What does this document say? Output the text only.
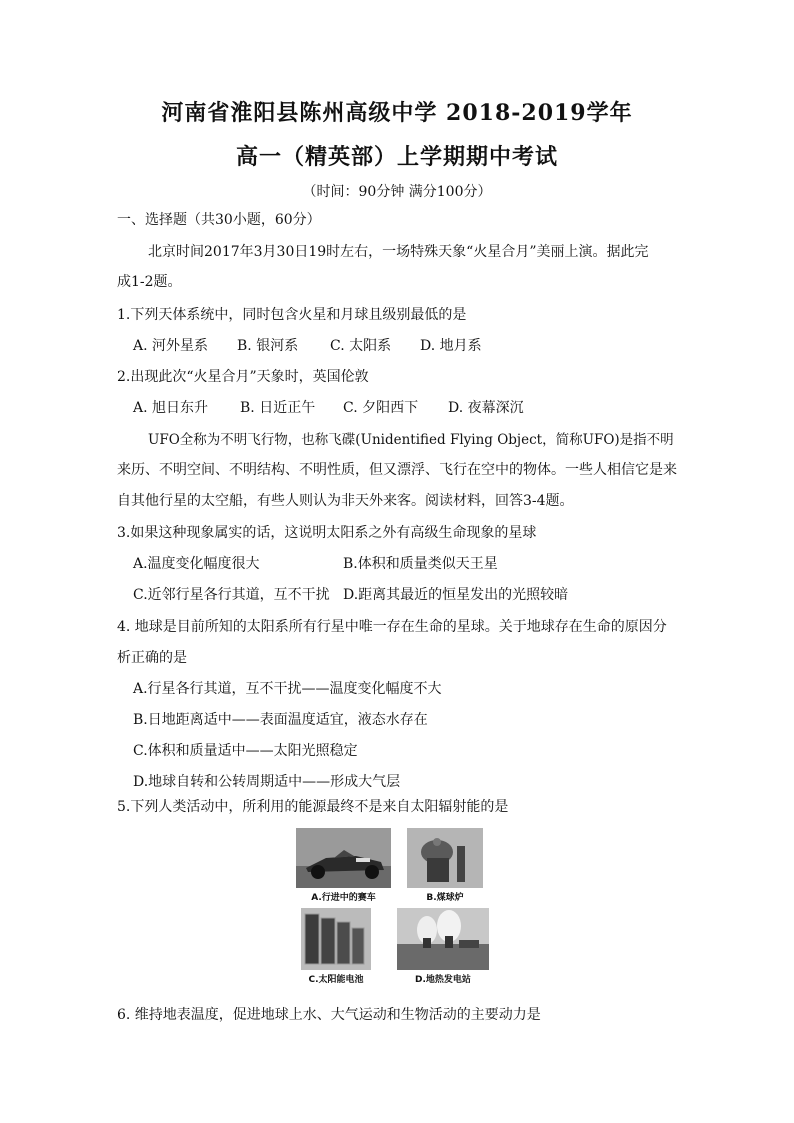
河南省淮阳县陈州高级中学 2018-2019学年
高一（精英部）上学期期中考试
（时间：90分钟 满分100分）
一、选择题（共30小题，60分）
北京时间2017年3月30日19时左右，一场特殊天象“火星合月”美丽上演。据此完
成1-2题。
1.下列天体系统中，同时包含火星和月球且级别最低的是
A. 河外星系 B. 银河系 C. 太阳系 D. 地月系
2.出现此次“火星合月”天象时，英国伦敦
A. 旭日东升 B. 日近正午 C. 夕阳西下 D. 夜幕深沉
UFO全称为不明飞行物，也称飞碟(Unidentified Flying Object，简称UFO)是指不明
来历、不明空间、不明结构、不明性质，但又漂浮、飞行在空中的物体。一些人相信它是来
自其他行星的太空船，有些人则认为非天外来客。阅读材料，回答3-4题。
3.如果这种现象属实的话，这说明太阳系之外有高级生命现象的星球
A.温度变化幅度很大	B.体积和质量类似天王星
C.近邻行星各行其道，互不干扰 D.距离其最近的恒星发出的光照较暗
4. 地球是目前所知的太阳系所有行星中唯一存在生命的星球。关于地球存在生命的原因分
析正确的是
A.行星各行其道，互不干扰——温度变化幅度不大
B.日地距离适中——表面温度适宜，液态水存在
C.体积和质量适中——太阳光照稳定
D.地球自转和公转周期适中——形成大气层
5.下列人类活动中，所利用的能源最终不是来自太阳辐射能的是
A.行进中的赛车	B.煤球炉
C.太阳能电池	D.地热发电站
6. 维持地表温度，促进地球上水、大气运动和生物活动的主要动力是
